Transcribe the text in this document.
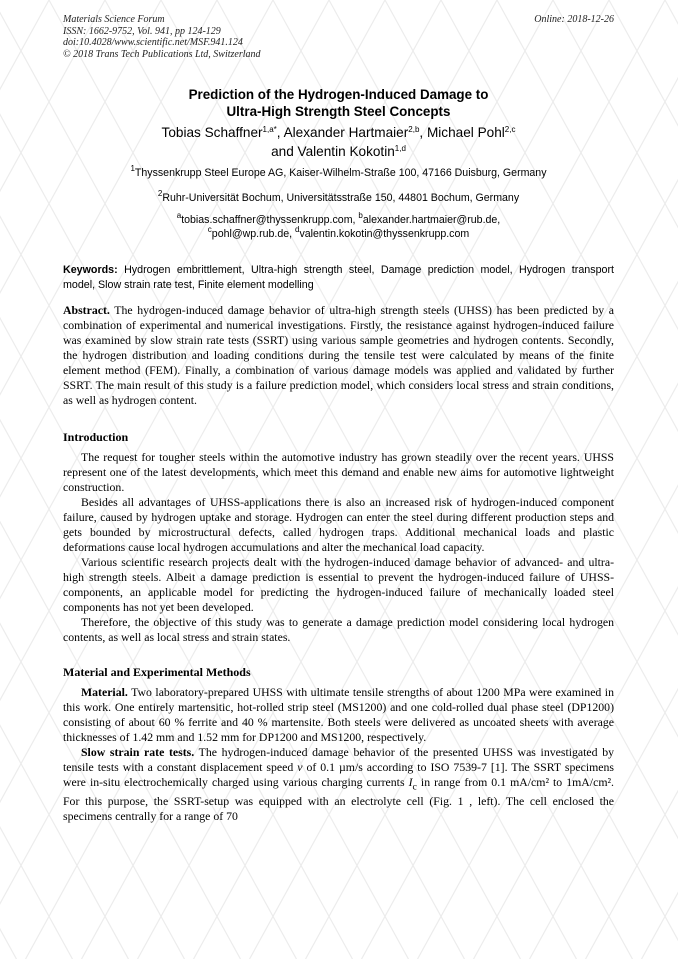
Materials Science Forum
ISSN: 1662-9752, Vol. 941, pp 124-129
doi:10.4028/www.scientific.net/MSF.941.124
© 2018 Trans Tech Publications Ltd, Switzerland
Online: 2018-12-26
Prediction of the Hydrogen-Induced Damage to
Ultra-High Strength Steel Concepts
Tobias Schaffner$^{1,a*}$, Alexander Hartmaier$^{2,b}$, Michael Pohl$^{2,c}$
and Valentin Kokotin$^{1,d}$
$^1$Thyssenkrupp Steel Europe AG, Kaiser-Wilhelm-Straße 100, 47166 Duisburg, Germany
$^2$Ruhr-Universität Bochum, Universitätsstraße 150, 44801 Bochum, Germany
$^a$tobias.schaffner@thyssenkrupp.com, $^b$alexander.hartmaier@rub.de,
$^c$pohl@wp.rub.de, $^d$valentin.kokotin@thyssenkrupp.com
Keywords: Hydrogen embrittlement, Ultra-high strength steel, Damage prediction model, Hydrogen transport model, Slow strain rate test, Finite element modelling

Abstract. The hydrogen-induced damage behavior of ultra-high strength steels (UHSS) has been predicted by a combination of experimental and numerical investigations. Firstly, the resistance against hydrogen-induced failure was examined by slow strain rate tests (SSRT) using various sample geometries and hydrogen contents. Secondly, the hydrogen distribution and loading conditions during the tensile test were calculated by means of the finite element method (FEM). Finally, a combination of various damage models was applied and validated by further SSRT. The main result of this study is a failure prediction model, which considers local stress and strain conditions, as well as hydrogen content.

Introduction

The request for tougher steels within the automotive industry has grown steadily over the recent years. UHSS represent one of the latest developments, which meet this demand and enable new aims for automotive lightweight construction.

Besides all advantages of UHSS-applications there is also an increased risk of hydrogen-induced component failure, caused by hydrogen uptake and storage. Hydrogen can enter the steel during different production steps and gets bounded by microstructural defects, called hydrogen traps. Additional mechanical loads and plastic deformations cause local hydrogen accumulations and alter the mechanical load capacity.

Various scientific research projects dealt with the hydrogen-induced damage behavior of advanced- and ultra-high strength steels. Albeit a damage prediction is essential to prevent the hydrogen-induced failure of UHSS-components, an applicable model for predicting the hydrogen-induced failure of mechanically loaded steel components has not yet been developed.

Therefore, the objective of this study was to generate a damage prediction model considering local hydrogen contents, as well as local stress and strain states.

Material and Experimental Methods

Material. Two laboratory-prepared UHSS with ultimate tensile strengths of about 1200 MPa were examined in this work. One entirely martensitic, hot-rolled strip steel (MS1200) and one cold-rolled dual phase steel (DP1200) consisting of about 60 % ferrite and 40 % martensite. Both steels were delivered as uncoated sheets with average thicknesses of 1.42 mm and 1.52 mm for DP1200 and MS1200, respectively.

Slow strain rate tests. The hydrogen-induced damage behavior of the presented UHSS was investigated by tensile tests with a constant displacement speed v of 0.1 µm/s according to ISO 7539-7 [1]. The SSRT specimens were in-situ electrochemically charged using various charging currents $I_c$ in range from 0.1 mA/cm² to 1mA/cm². For this purpose, the SSRT-setup was equipped with an electrolyte cell (Fig. 1 , left). The cell enclosed the specimens centrally for a range of 70
